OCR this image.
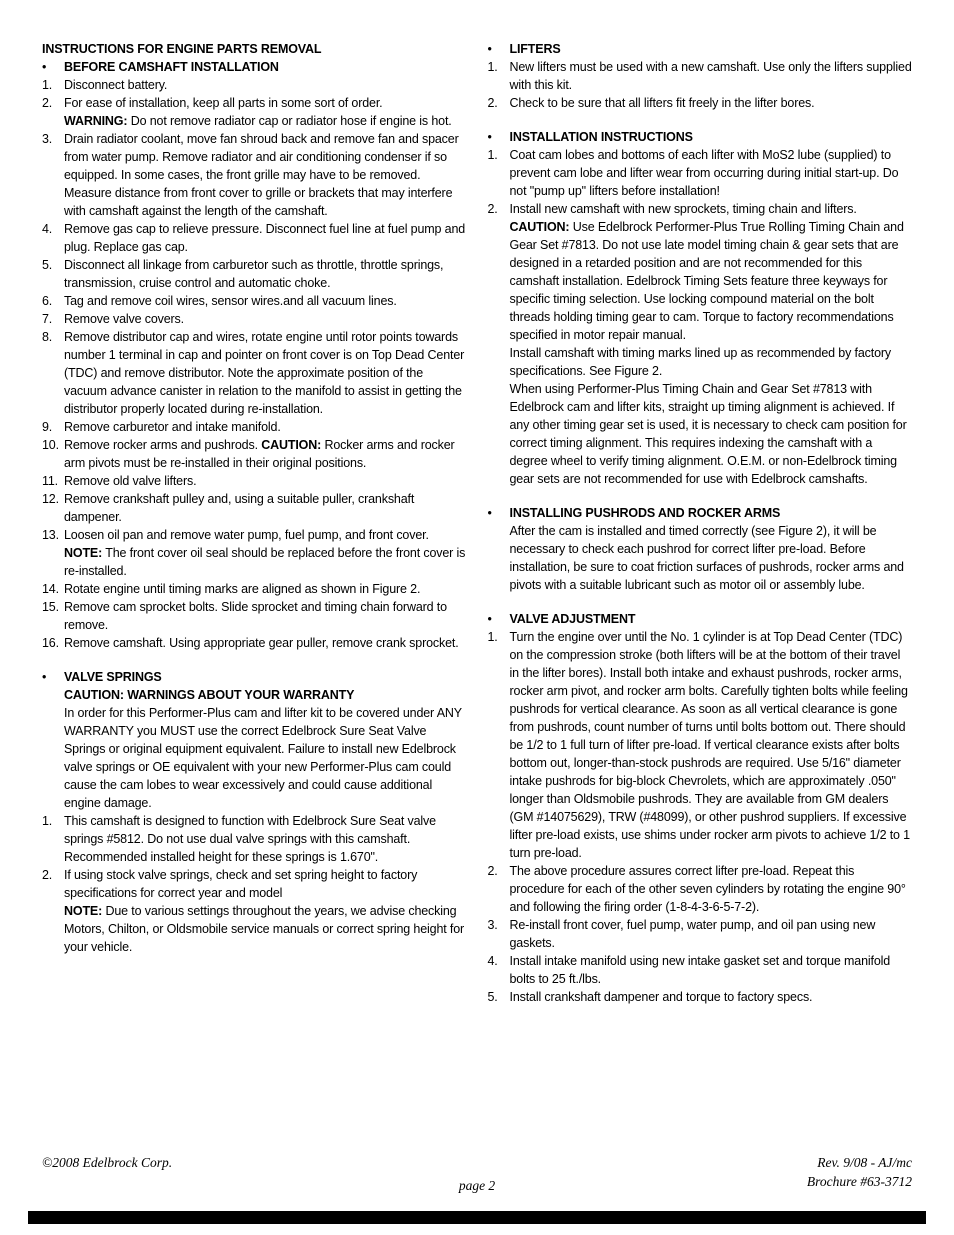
INSTRUCTIONS FOR ENGINE PARTS REMOVAL
•	BEFORE CAMSHAFT INSTALLATION
1. Disconnect battery.
2. For ease of installation, keep all parts in some sort of order.
WARNING: Do not remove radiator cap or radiator hose if engine is hot.
3. Drain radiator coolant, move fan shroud back and remove fan and spacer from water pump. Remove radiator and air conditioning condenser if so equipped. In some cases, the front grille may have to be removed. Measure distance from front cover to grille or brackets that may interfere with camshaft against the length of the camshaft.
4. Remove gas cap to relieve pressure. Disconnect fuel line at fuel pump and plug. Replace gas cap.
5. Disconnect all linkage from carburetor such as throttle, throttle springs, transmission, cruise control and automatic choke.
6. Tag and remove coil wires, sensor wires.and all vacuum lines.
7. Remove valve covers.
8. Remove distributor cap and wires, rotate engine until rotor points towards number 1 terminal in cap and pointer on front cover is on Top Dead Center (TDC) and remove distributor. Note the approximate position of the vacuum advance canister in relation to the manifold to assist in getting the distributor properly located during re-installation.
9. Remove carburetor and intake manifold.
10. Remove rocker arms and pushrods. CAUTION: Rocker arms and rocker arm pivots must be re-installed in their original positions.
11. Remove old valve lifters.
12. Remove crankshaft pulley and, using a suitable puller, crankshaft dampener.
13. Loosen oil pan and remove water pump, fuel pump, and front cover.
NOTE: The front cover oil seal should be replaced before the front cover is re-installed.
14. Rotate engine until timing marks are aligned as shown in Figure 2.
15. Remove cam sprocket bolts. Slide sprocket and timing chain forward to remove.
16. Remove camshaft. Using appropriate gear puller, remove crank sprocket.
•	VALVE SPRINGS
CAUTION: WARNINGS ABOUT YOUR WARRANTY
In order for this Performer-Plus cam and lifter kit to be covered under ANY WARRANTY you MUST use the correct Edelbrock Sure Seat Valve Springs or original equipment equivalent. Failure to install new Edelbrock valve springs or OE equivalent with your new Performer-Plus cam could cause the cam lobes to wear excessively and could cause additional engine damage.
1. This camshaft is designed to function with Edelbrock Sure Seat valve springs #5812. Do not use dual valve springs with this camshaft. Recommended installed height for these springs is 1.670".
2. If using stock valve springs, check and set spring height to factory specifications for correct year and model
NOTE: Due to various settings throughout the years, we advise checking Motors, Chilton, or Oldsmobile service manuals or correct spring height for your vehicle.
•	LIFTERS
1. New lifters must be used with a new camshaft. Use only the lifters supplied with this kit.
2. Check to be sure that all lifters fit freely in the lifter bores.
•	INSTALLATION INSTRUCTIONS
1. Coat cam lobes and bottoms of each lifter with MoS2 lube (supplied) to prevent cam lobe and lifter wear from occurring during initial start-up. Do not "pump up" lifters before installation!
2. Install new camshaft with new sprockets, timing chain and lifters.
CAUTION: Use Edelbrock Performer-Plus True Rolling Timing Chain and Gear Set #7813. Do not use late model timing chain & gear sets that are designed in a retarded position and are not recommended for this camshaft installation. Edelbrock Timing Sets feature three keyways for specific timing selection. Use locking compound material on the bolt threads holding timing gear to cam. Torque to factory recommendations specified in motor repair manual.
Install camshaft with timing marks lined up as recommended by factory specifications. See Figure 2.
When using Performer-Plus Timing Chain and Gear Set #7813 with Edelbrock cam and lifter kits, straight up timing alignment is achieved. If any other timing gear set is used, it is necessary to check cam position for correct timing alignment. This requires indexing the camshaft with a degree wheel to verify timing alignment. O.E.M. or non-Edelbrock timing gear sets are not recommended for use with Edelbrock camshafts.
•	INSTALLING PUSHRODS AND ROCKER ARMS
After the cam is installed and timed correctly (see Figure 2), it will be necessary to check each pushrod for correct lifter pre-load. Before installation, be sure to coat friction surfaces of pushrods, rocker arms and pivots with a suitable lubricant such as motor oil or assembly lube.
•	VALVE ADJUSTMENT
1. Turn the engine over until the No. 1 cylinder is at Top Dead Center (TDC) on the compression stroke (both lifters will be at the bottom of their travel in the lifter bores). Install both intake and exhaust pushrods, rocker arms, rocker arm pivot, and rocker arm bolts. Carefully tighten bolts while feeling pushrods for vertical clearance. As soon as all vertical clearance is gone from pushrods, count number of turns until bolts bottom out. There should be 1/2 to 1 full turn of lifter pre-load. If vertical clearance exists after bolts bottom out, longer-than-stock pushrods are required. Use 5/16" diameter intake pushrods for big-block Chevrolets, which are approximately .050" longer than Oldsmobile pushrods. They are available from GM dealers (GM #14075629), TRW (#48099), or other pushrod suppliers. If excessive lifter pre-load exists, use shims under rocker arm pivots to achieve 1/2 to 1 turn pre-load.
2. The above procedure assures correct lifter pre-load. Repeat this procedure for each of the other seven cylinders by rotating the engine 90° and following the firing order (1-8-4-3-6-5-7-2).
3. Re-install front cover, fuel pump, water pump, and oil pan using new gaskets.
4. Install intake manifold using new intake gasket set and torque manifold bolts to 25 ft./lbs.
5. Install crankshaft dampener and torque to factory specs.
©2008 Edelbrock Corp.
page 2
Rev. 9/08 - AJ/mc
Brochure #63-3712
